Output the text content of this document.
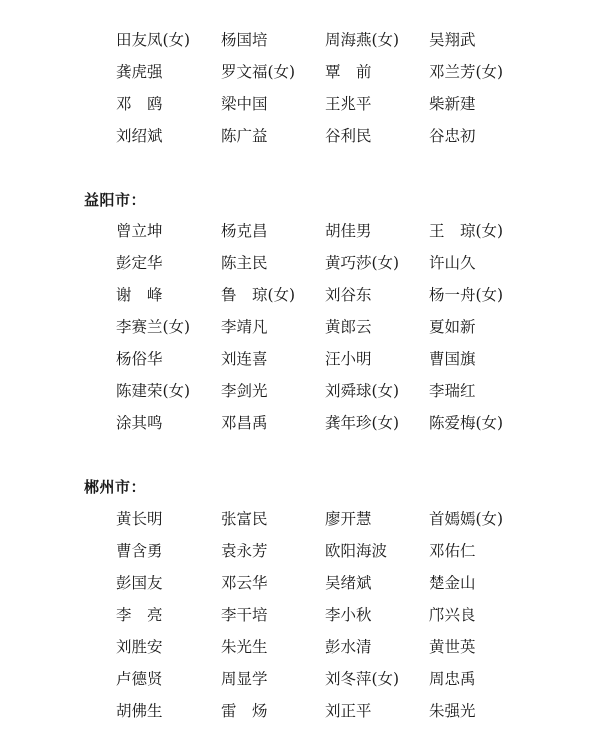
田友凤(女) 杨国培	周海燕(女) 吴翔武
龚虎强	罗文福(女) 覃　前	邓兰芳(女)
邓　鸥	梁中国	王兆平	柴新建
刘绍斌	陈广益	谷利民	谷忠初
益阳市：
曾立坤	杨克昌	胡佳男	王　琼(女)
彭定华	陈主民	黄巧莎(女) 许山久
谢　峰	鲁　琼(女) 刘谷东	杨一舟(女)
李赛兰(女) 李靖凡	黄郎云	夏如新
杨俗华	刘连喜	汪小明	曹国旗
陈建荣(女) 李剑光	刘舜球(女) 李瑞红
涂其鸣	邓昌禹	龚年珍(女) 陈爱梅(女)
郴州市：
黄长明	张富民	廖开慧	首嫣嫣(女)
曹含勇	袁永芳	欧阳海波	邓佑仁
彭国友	邓云华	吴绪斌	楚金山
李　亮	李干培	李小秋	邝兴良
刘胜安	朱光生	彭水清	黄世英
卢德贤	周显学	刘冬萍(女) 周忠禹
胡佛生	雷　炀	刘正平	朱强光
